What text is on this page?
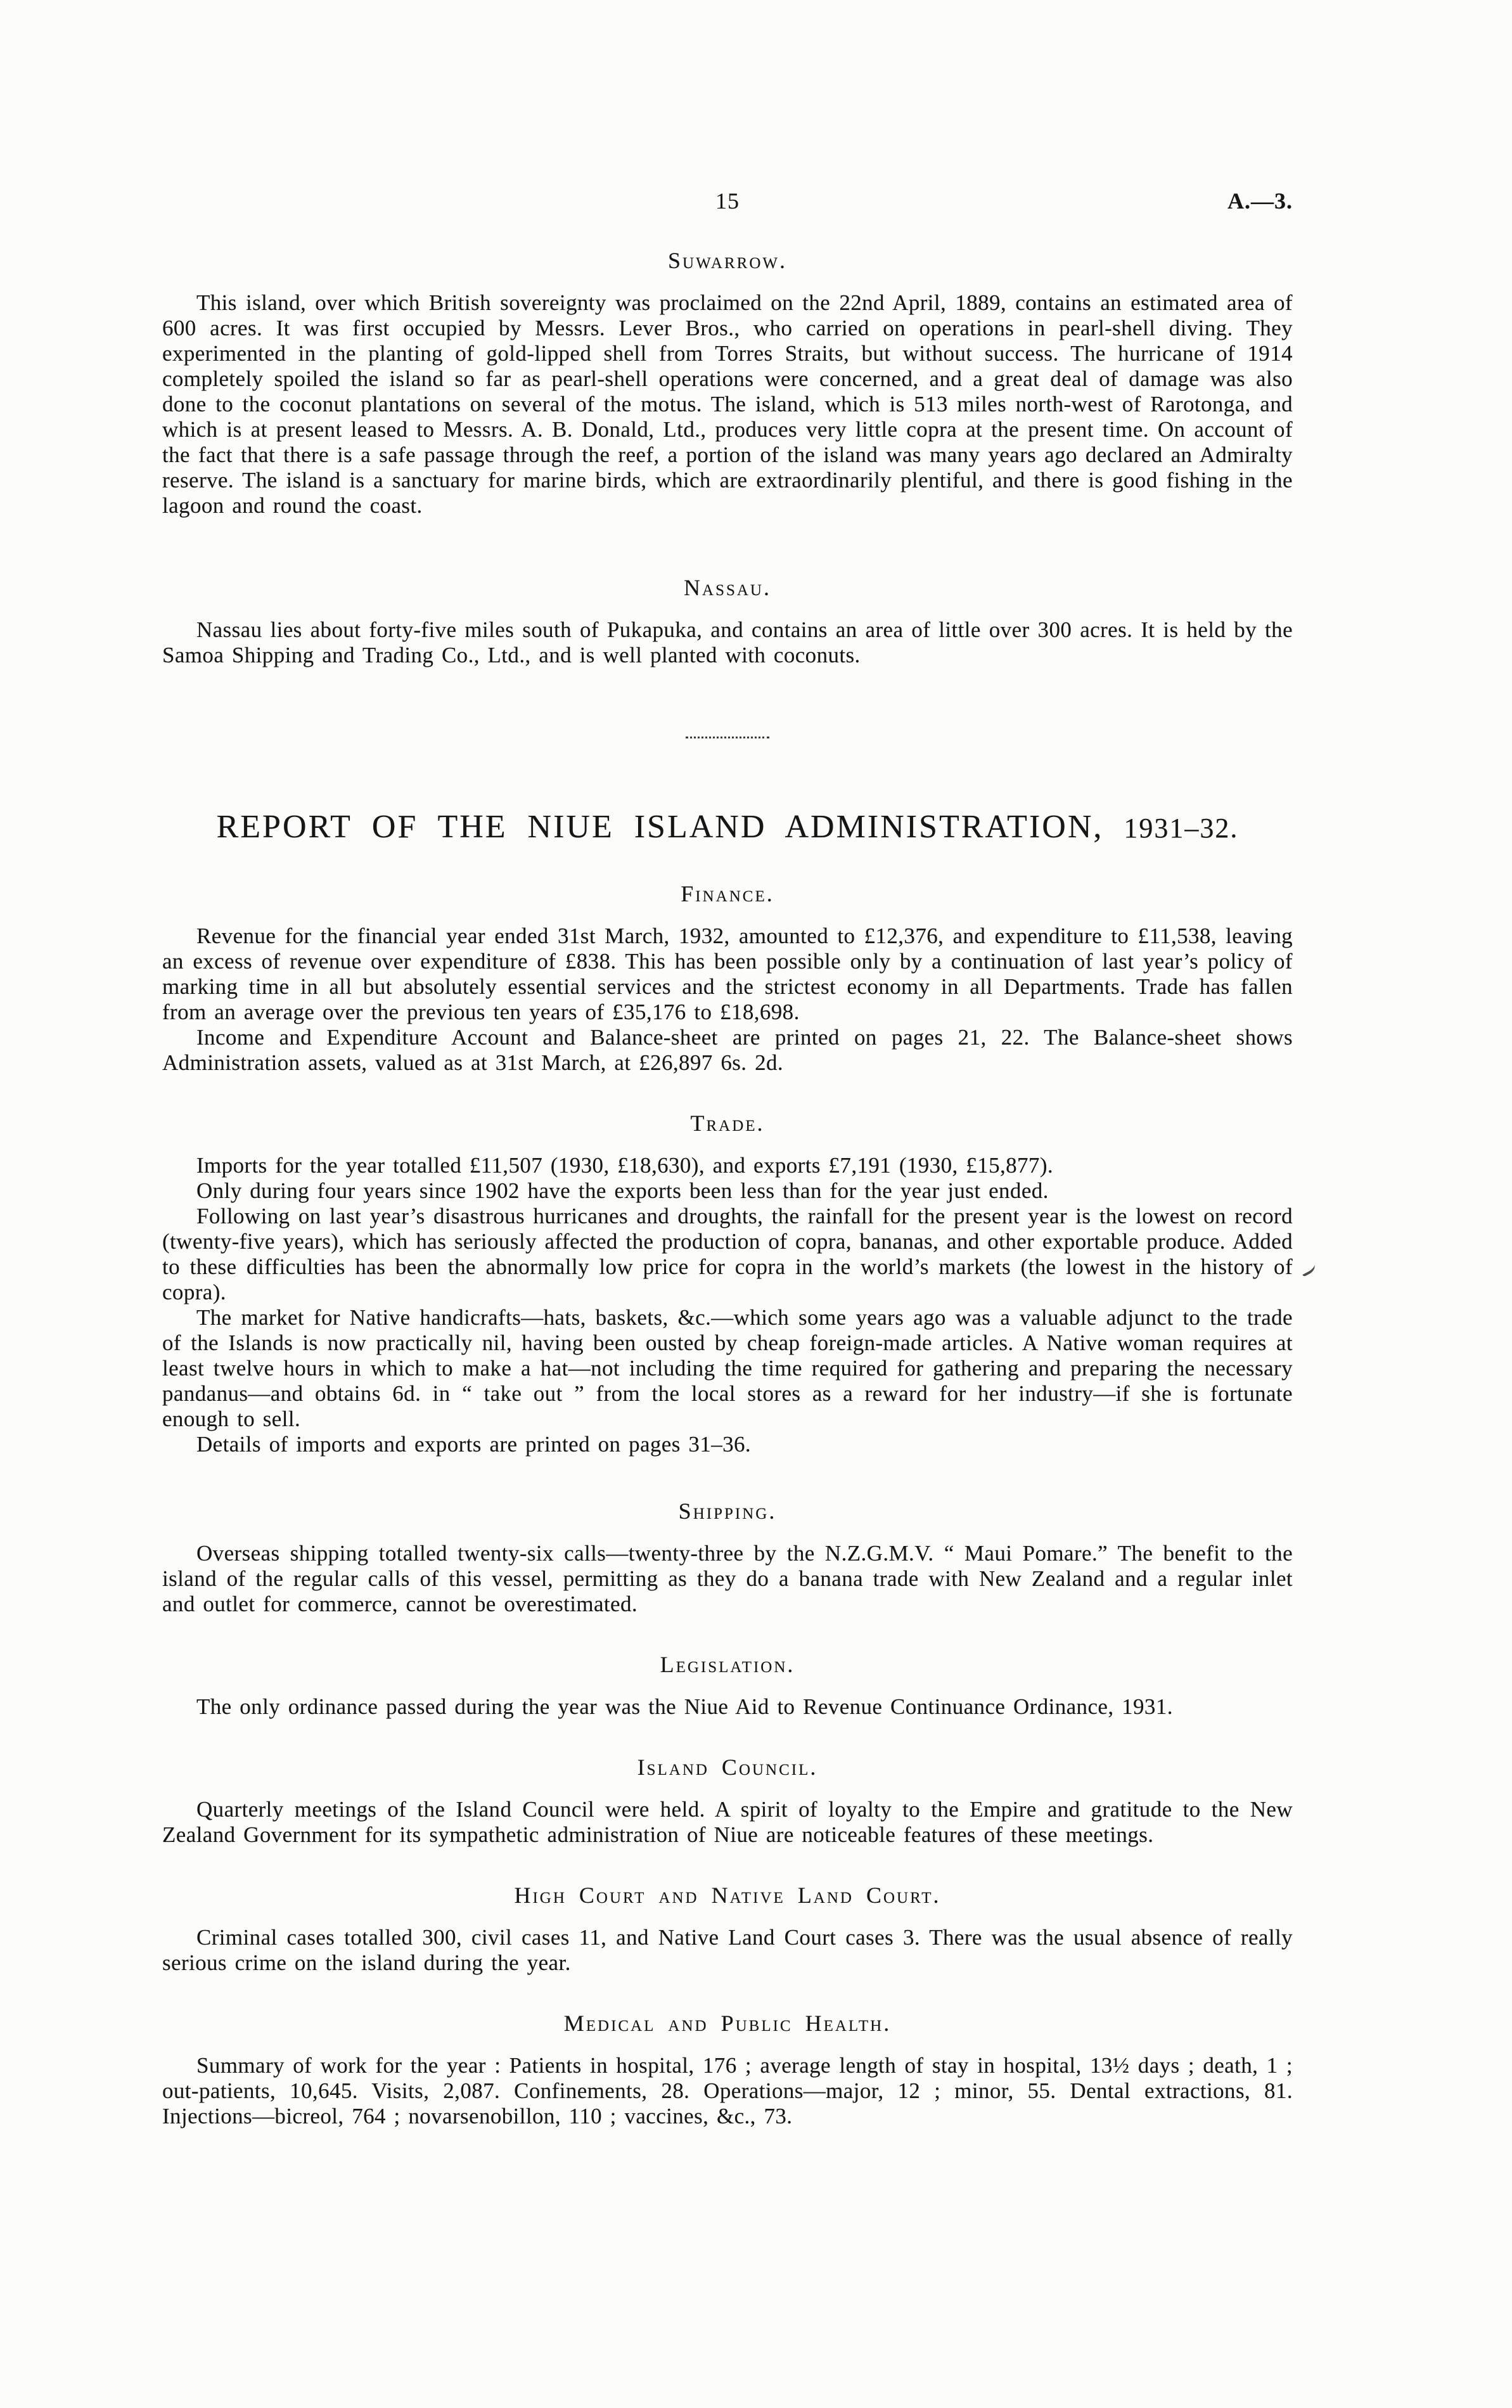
15	A.—3.
Suwarrow.

This island, over which British sovereignty was proclaimed on the 22nd April, 1889, contains an estimated area of 600 acres. It was first occupied by Messrs. Lever Bros., who carried on operations in pearl-shell diving. They experimented in the planting of gold-lipped shell from Torres Straits, but without success. The hurricane of 1914 completely spoiled the island so far as pearl-shell operations were concerned, and a great deal of damage was also done to the coconut plantations on several of the motus. The island, which is 513 miles north-west of Rarotonga, and which is at present leased to Messrs. A. B. Donald, Ltd., produces very little copra at the present time. On account of the fact that there is a safe passage through the reef, a portion of the island was many years ago declared an Admiralty reserve. The island is a sanctuary for marine birds, which are extraordinarily plentiful, and there is good fishing in the lagoon and round the coast.

Nassau.

Nassau lies about forty-five miles south of Pukapuka, and contains an area of little over 300 acres. It is held by the Samoa Shipping and Trading Co., Ltd., and is well planted with coconuts.

REPORT OF THE NIUE ISLAND ADMINISTRATION, 1931–32.
Finance.

Revenue for the financial year ended 31st March, 1932, amounted to £12,376, and expenditure to £11,538, leaving an excess of revenue over expenditure of £838. This has been possible only by a continuation of last year’s policy of marking time in all but absolutely essential services and the strictest economy in all Departments. Trade has fallen from an average over the previous ten years of £35,176 to £18,698.

Income and Expenditure Account and Balance-sheet are printed on pages 21, 22. The Balance-sheet shows Administration assets, valued as at 31st March, at £26,897 6s. 2d.

Trade.

Imports for the year totalled £11,507 (1930, £18,630), and exports £7,191 (1930, £15,877).

Only during four years since 1902 have the exports been less than for the year just ended.

Following on last year’s disastrous hurricanes and droughts, the rainfall for the present year is the lowest on record (twenty-five years), which has seriously affected the production of copra, bananas, and other exportable produce. Added to these difficulties has been the abnormally low price for copra in the world’s markets (the lowest in the history of copra).

The market for Native handicrafts—hats, baskets, &c.—which some years ago was a valuable adjunct to the trade of the Islands is now practically nil, having been ousted by cheap foreign-made articles. A Native woman requires at least twelve hours in which to make a hat—not including the time required for gathering and preparing the necessary pandanus—and obtains 6d. in “ take out ” from the local stores as a reward for her industry—if she is fortunate enough to sell.

Details of imports and exports are printed on pages 31–36.

Shipping.

Overseas shipping totalled twenty-six calls—twenty-three by the N.Z.G.M.V. “ Maui Pomare.” The benefit to the island of the regular calls of this vessel, permitting as they do a banana trade with New Zealand and a regular inlet and outlet for commerce, cannot be overestimated.

Legislation.

The only ordinance passed during the year was the Niue Aid to Revenue Continuance Ordinance, 1931.

Island Council.

Quarterly meetings of the Island Council were held. A spirit of loyalty to the Empire and gratitude to the New Zealand Government for its sympathetic administration of Niue are noticeable features of these meetings.

High Court and Native Land Court.

Criminal cases totalled 300, civil cases 11, and Native Land Court cases 3. There was the usual absence of really serious crime on the island during the year.

Medical and Public Health.

Summary of work for the year : Patients in hospital, 176 ; average length of stay in hospital, 13½ days ; death, 1 ; out-patients, 10,645. Visits, 2,087. Confinements, 28. Operations—major, 12 ; minor, 55. Dental extractions, 81. Injections—bicreol, 764 ; novarsenobillon, 110 ; vaccines, &c., 73.
